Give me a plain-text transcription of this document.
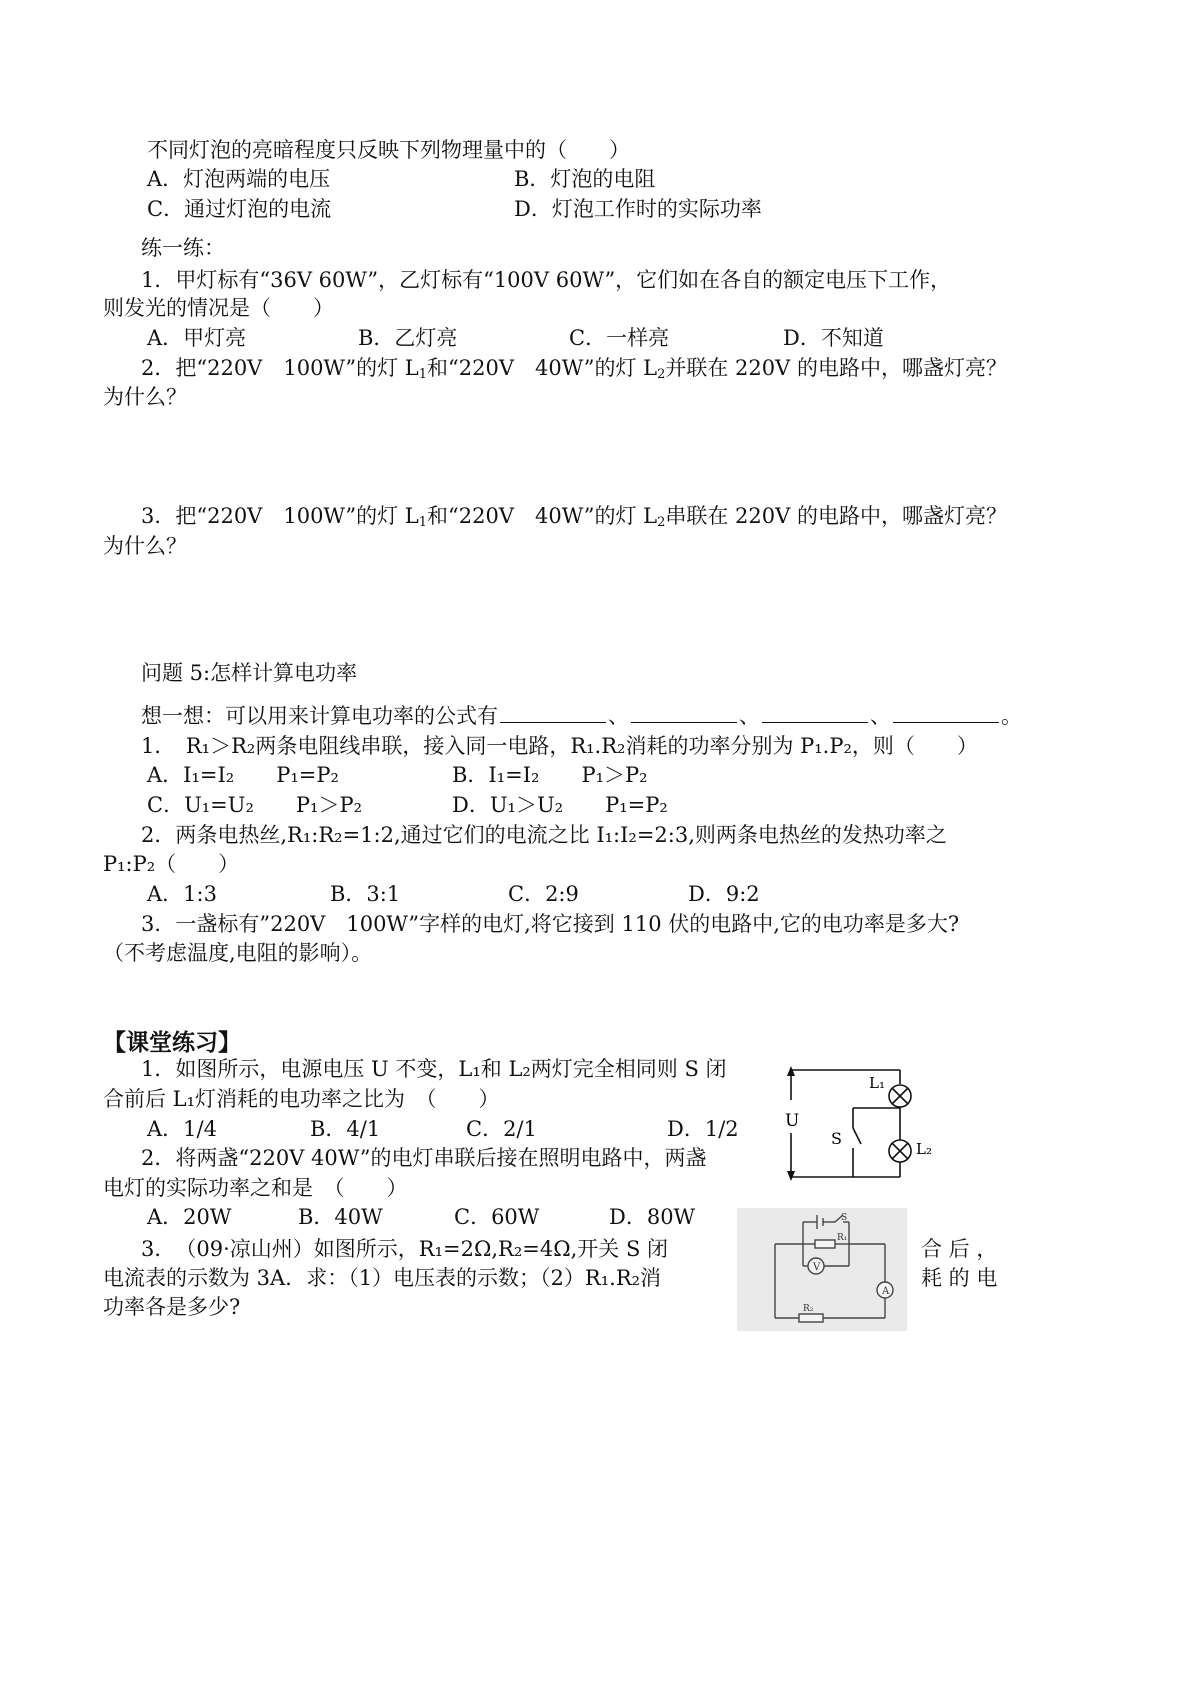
不同灯泡的亮暗程度只反映下列物理量中的（　　）
A．灯泡两端的电压	B．灯泡的电阻
C．通过灯泡的电流	D．灯泡工作时的实际功率
练一练：
1．甲灯标有“36V 60W”，乙灯标有“100V 60W”，它们如在各自的额定电压下工作，
则发光的情况是（　　）
A．甲灯亮	B．乙灯亮	C．一样亮	D．不知道
2．把“220V　100W”的灯 $L_1$和“220V　40W”的灯 $L_2$并联在 220V 的电路中，哪盏灯亮？
为什么？
3．把“220V　100W”的灯 $L_1$和“220V　40W”的灯 $L_2$串联在 220V 的电路中，哪盏灯亮？
为什么？
问题 5:怎样计算电功率
想一想：可以用来计算电功率的公式有	、	、	、	。
1．　R₁＞R₂两条电阻线串联，接入同一电路，R₁.R₂消耗的功率分别为 P₁.P₂，则（　　）
A．I₁=I₂　　P₁=P₂	B．I₁=I₂　　P₁＞P₂
C．U₁=U₂　　P₁＞P₂	D．U₁＞U₂　　P₁=P₂
2．两条电热丝,R₁:R₂=1:2,通过它们的电流之比 I₁:I₂=2:3,则两条电热丝的发热功率之
P₁:P₂（　　）
A．1:3	B．3:1	C．2:9	D．9:2
3．一盏标有”220V　100W”字样的电灯,将它接到 110 伏的电路中,它的电功率是多大?
（不考虑温度,电阻的影响）。
【课堂练习】
1．如图所示，电源电压 U 不变，L₁和 L₂两灯完全相同则 S 闭
合前后 L₁灯消耗的电功率之比为　（　　）
A．1/4	B．4/1	C．2/1	D．1/2
2．将两盏“220V 40W”的电灯串联后接在照明电路中，两盏
电灯的实际功率之和是　（　　）
A．20W	B．40W	C．60W	D．80W
3．　（09·凉山州）如图所示，R₁=2Ω,R₂=4Ω,开关 S 闭	合 后 ，
电流表的示数为 3A．求：（1）电压表的示数；（2）R₁.R₂消	耗 的 电
功率各是多少?
L₁
L₂
U
S
S
R₁
V
A
R₂
